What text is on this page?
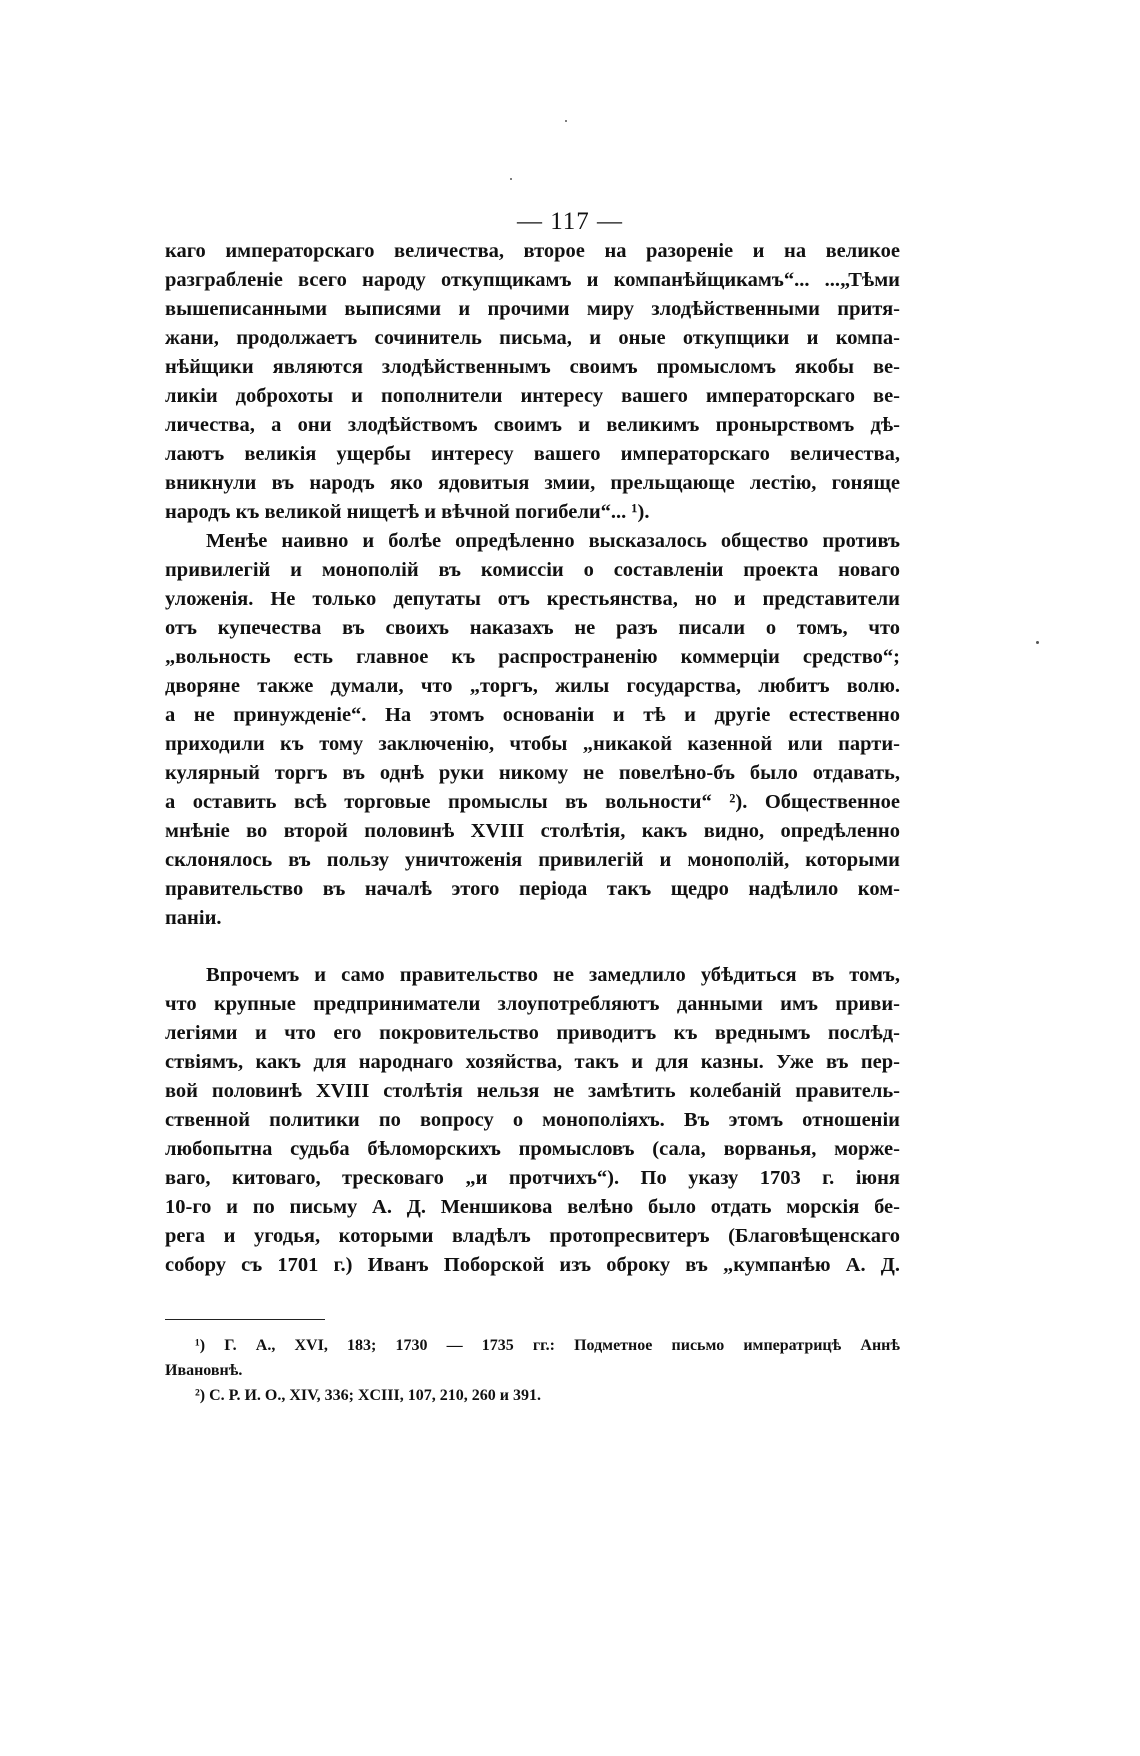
— 117 —
каго императорскаго величества, второе на разореніе и на великое
разграбленіе всего народу откупщикамъ и компанѣйщикамъ“... ...„Тѣми
вышеписанными выписями и прочими миру злодѣйственными притя-
жани, продолжаетъ сочинитель письма, и оные откупщики и компа-
нѣйщики являются злодѣйственнымъ своимъ промысломъ якобы ве-
ликіи доброхоты и пополнители интересу вашего императорскаго ве-
личества, а они злодѣйствомъ своимъ и великимъ пронырствомъ дѣ-
лаютъ великія ущербы интересу вашего императорскаго величества,
вникнули въ народъ яко ядовитыя змии, прельщающе лестію, гоняще
народъ къ великой нищетѣ и вѣчной погибели“... ¹).
Менѣе наивно и болѣе опредѣленно высказалось общество противъ
привилегій и монополій въ комиссіи о составленіи проекта новаго
уложенія. Не только депутаты отъ крестьянства, но и представители
отъ купечества въ своихъ наказахъ не разъ писали о томъ, что
„вольность есть главное къ распространенію коммерціи средство“;
дворяне также думали, что „торгъ, жилы государства, любитъ волю.
а не принужденіе“. На этомъ основаніи и тѣ и другіе естественно
приходили къ тому заключенію, чтобы „никакой казенной или парти-
кулярный торгъ въ однѣ руки никому не повелѣно-бъ было отдавать,
а оставить всѣ торговые промыслы въ вольности“ ²). Общественное
мнѣніе во второй половинѣ XVIII столѣтія, какъ видно, опредѣленно
склонялось въ пользу уничтоженія привилегій и монополій, которыми
правительство въ началѣ этого періода такъ щедро надѣлило ком-
паніи.
Впрочемъ и само правительство не замедлило убѣдиться въ томъ,
что крупные предприниматели злоупотребляютъ данными имъ приви-
легіями и что его покровительство приводитъ къ вреднымъ послѣд-
ствіямъ, какъ для народнаго хозяйства, такъ и для казны. Уже въ пер-
вой половинѣ XVIII столѣтія нельзя не замѣтить колебаній правитель-
ственной политики по вопросу о монополіяхъ. Въ этомъ отношеніи
любопытна судьба бѣломорскихъ промысловъ (сала, ворванья, морже-
ваго, китоваго, тресковаго „и протчихъ“). По указу 1703 г. іюня
10-го и по письму А. Д. Меншикова велѣно было отдать морскія бе-
рега и угодья, которыми владѣлъ протопресвитеръ (Благовѣщенскаго
собору съ 1701 г.) Иванъ Поборской изъ оброку въ „кумпанѣю А. Д.
¹) Г. А., XVI, 183; 1730 — 1735 гг.: Подметное письмо императрицѣ Аннѣ
Ивановнѣ.
²) С. Р. И. О., XIV, 336; XCIII, 107, 210, 260 и 391.
